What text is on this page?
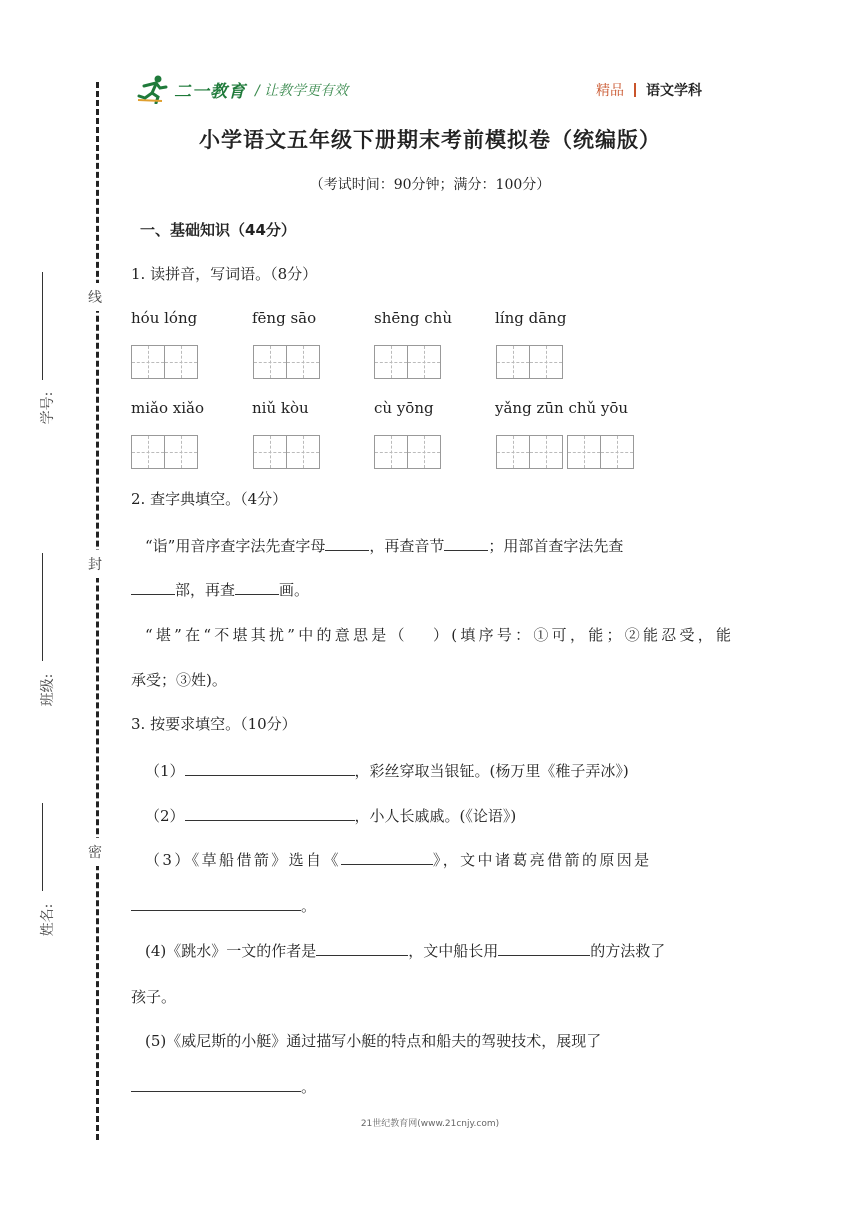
线
封
密
学号:
班级:
姓名:
二一教育 / 让教学更有效	精品 语文学科
小学语文五年级下册期末考前模拟卷（统编版）
（考试时间：90分钟；满分：100分）
一、基础知识（44分）
1. 读拼音，写词语。（8分）
hóu lóng	fēng sāo	shēng chù	líng dāng
miǎo xiǎo	niǔ kòu	cù yōng	yǎng zūn chǔ yōu
2. 查字典填空。（4分）
“诣”用音序查字法先查字母	，再查音节	；用部首查字法先查
部，再查	画。
“堪”在“不堪其扰”中的意思是（ ）(填序号：①可，能；②能忍受，能
承受；③姓)。
3. 按要求填空。（10分）
（1）	，彩丝穿取当银钲。(杨万里《稚子弄冰》)
（2）	，小人长戚戚。(《论语》)
（3）《草船借箭》选自《	》，文中诸葛亮借箭的原因是
。
(4)《跳水》一文的作者是	，文中船长用	的方法救了
孩子。
(5)《威尼斯的小艇》通过描写小艇的特点和船夫的驾驶技术，展现了
。
21世纪教育网(www.21cnjy.com)
